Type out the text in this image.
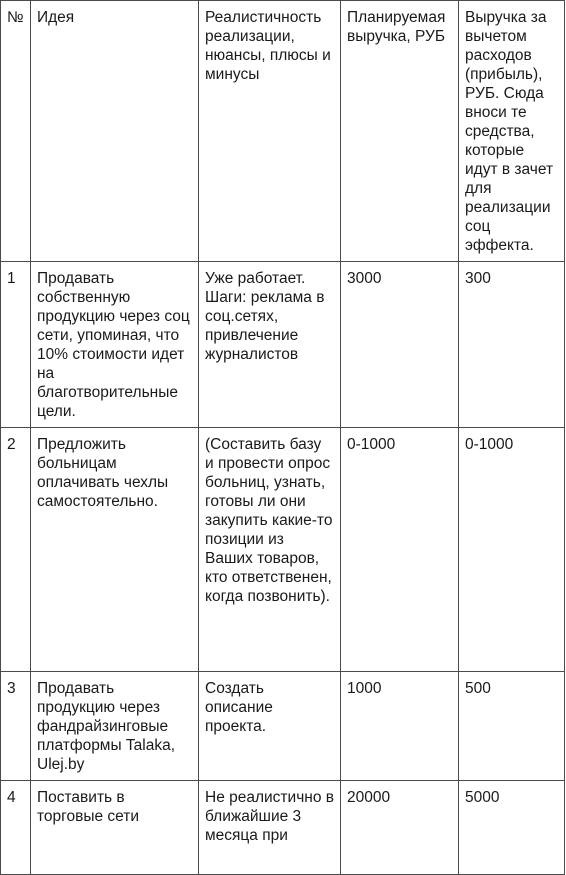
№	Идея	Реалистичность реализации, нюансы, плюсы и минусы	Планируемая выручка, РУБ	Выручка за вычетом расходов (прибыль), РУБ. Сюда вноси те средства, которые идут в зачет для реализации соц эффекта.
1	Продавать собственную продукцию через соц сети, упоминая, что 10% стоимости идет на благотворительные цели.	Уже работает. Шаги: реклама в соц.сетях, привлечение журналистов	3000	300
2	Предложить больницам оплачивать чехлы самостоятельно.	(Составить базу и провести опрос больниц, узнать, готовы ли они закупить какие-то позиции из Ваших товаров, кто ответственен, когда позвонить).	0-1000	0-1000
3	Продавать продукцию через фандрайзинговые платформы Talaka, Ulej.by	Создать описание проекта.	1000	500
4	Поставить в торговые сети	Не реалистично в ближайшие 3 месяца при	20000	5000
